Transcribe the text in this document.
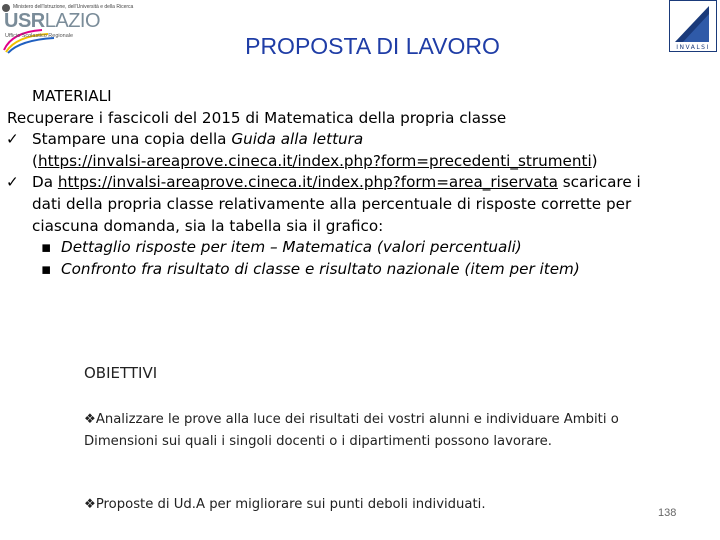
Ministero dell'Istruzione, dell'Università e della Ricerca
USRLAZIO
Ufficio Scolastico Regionale
INVALSI
PROPOSTA DI LAVORO
MATERIALI
Recuperare i fascicoli del 2015 di Matematica della propria classe
✓ Stampare una copia della Guida alla lettura
(https://invalsi-areaprove.cineca.it/index.php?form=precedenti_strumenti)
✓ Da https://invalsi-areaprove.cineca.it/index.php?form=area_riservata scaricare i
dati della propria classe relativamente alla percentuale di risposte corrette per
ciascuna domanda, sia la tabella sia il grafico:
▪ Dettaglio risposte per item – Matematica (valori percentuali)
▪ Confronto fra risultato di classe e risultato nazionale (item per item)
OBIETTIVI
❖Analizzare le prove alla luce dei risultati dei vostri alunni e individuare Ambiti o Dimensioni sui quali i singoli docenti o i dipartimenti possono lavorare.
❖Proposte di Ud.A per migliorare sui punti deboli individuati.
138
